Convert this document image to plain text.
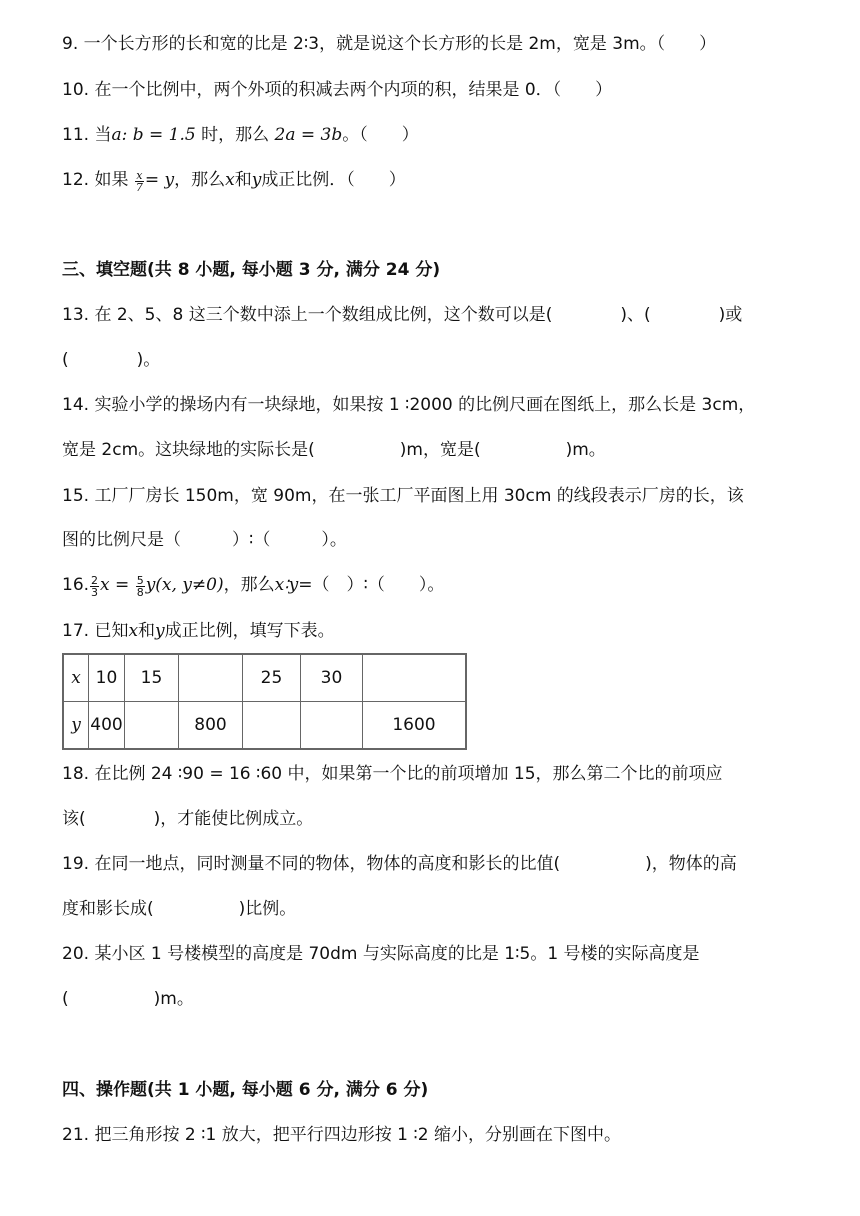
9. 一个长方形的长和宽的比是 2∶3，就是说这个长方形的长是 2m，宽是 3m。（　　）
10. 在一个比例中，两个外项的积减去两个内项的积，结果是 0．（　　）
11. 当a: b = 1.5 时，那么 2a = 3b。（　　）
12. 如果 $\frac{x}{7} = y$，那么x和y成正比例．（　　）
三、填空题(共 8 小题, 每小题 3 分, 满分 24 分)
13. 在 2、5、8 这三个数中添上一个数组成比例，这个数可以是(　　　　)、(　　　　)或
(　　　　)。
14. 实验小学的操场内有一块绿地，如果按 1 ∶2000 的比例尺画在图纸上，那么长是 3cm，
宽是 2cm。这块绿地的实际长是(　　　　　)m，宽是(　　　　　)m。
15. 工厂厂房长 150m，宽 90m，在一张工厂平面图上用 30cm 的线段表示厂房的长，该
图的比例尺是（　　　）∶（　　　）。
16. $\frac{2}{3}$ $x = \frac{5}{8} y(x$, y≠0)，那么x∶y=（　）∶（　　）。
17. 已知x和y成正比例，填写下表。
x	10	15		25	30	
y	400		800			1600
18. 在比例 24 ∶90 = 16 ∶60 中，如果第一个比的前项增加 15，那么第二个比的前项应
该(　　　　)，才能使比例成立。
19. 在同一地点，同时测量不同的物体，物体的高度和影长的比值(　　　　　)，物体的高
度和影长成(　　　　　)比例。
20. 某小区 1 号楼模型的高度是 70dm 与实际高度的比是 1∶5。1 号楼的实际高度是
(　　　　　)m。
四、操作题(共 1 小题, 每小题 6 分, 满分 6 分)
21. 把三角形按 2 ∶1 放大，把平行四边形按 1 ∶2 缩小，分别画在下图中。
